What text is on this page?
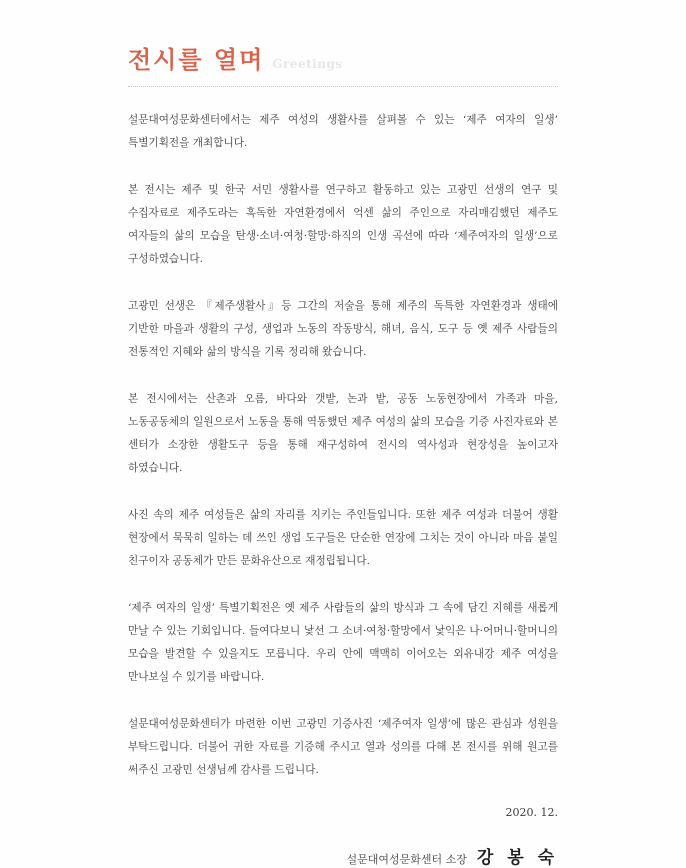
전시를 열며 Greetings

설문대여성문화센터에서는 제주 여성의 생활사를 살펴볼 수 있는 ‘제주 여자의 일생’ 특별기획전을 개최합니다.

본 전시는 제주 및 한국 서민 생활사를 연구하고 활동하고 있는 고광민 선생의 연구 및 수집자료로 제주도라는 혹독한 자연환경에서 억센 삶의 주인으로 자리매김했던 제주도 여자들의 삶의 모습을 탄생·소녀·여청·할망·하직의 인생 곡선에 따라 ‘제주여자의 일생’으로 구성하였습니다.

고광민 선생은 『제주생활사』등 그간의 저술을 통해 제주의 독특한 자연환경과 생태에 기반한 마을과 생활의 구성, 생업과 노동의 작동방식, 해녀, 음식, 도구 등 옛 제주 사람들의 전통적인 지혜와 삶의 방식을 기록 정리해 왔습니다.

본 전시에서는 산촌과 오름, 바다와 갯밭, 논과 밭, 공동 노동현장에서 가족과 마을, 노동공동체의 일원으로서 노동을 통해 역동했던 제주 여성의 삶의 모습을 기증 사진자료와 본 센터가 소장한 생활도구 등을 통해 재구성하여 전시의 역사성과 현장성을 높이고자 하였습니다.

사진 속의 제주 여성들은 삶의 자리를 지키는 주인들입니다. 또한 제주 여성과 더불어 생활 현장에서 묵묵히 일하는 데 쓰인 생업 도구들은 단순한 연장에 그치는 것이 아니라 마음 붙일 친구이자 공동체가 만든 문화유산으로 재정립됩니다.

‘제주 여자의 일생’ 특별기획전은 옛 제주 사람들의 삶의 방식과 그 속에 담긴 지혜를 새롭게 만날 수 있는 기회입니다. 들여다보니 낯선 그 소녀·여청·할망에서 낯익은 나·어머니·할머니의 모습을 발견할 수 있을지도 모릅니다. 우리 안에 맥맥히 이어오는 외유내강 제주 여성을 만나보실 수 있기를 바랍니다.

설문대여성문화센터가 마련한 이번 고광민 기증사진 ‘제주여자 일생’에 많은 관심과 성원을 부탁드립니다. 더불어 귀한 자료를 기증해 주시고 열과 성의를 다해 본 전시를 위해 원고를 써주신 고광민 선생님께 감사를 드립니다.

2020. 12.
설문대여성문화센터 소장 강 봉 숙
